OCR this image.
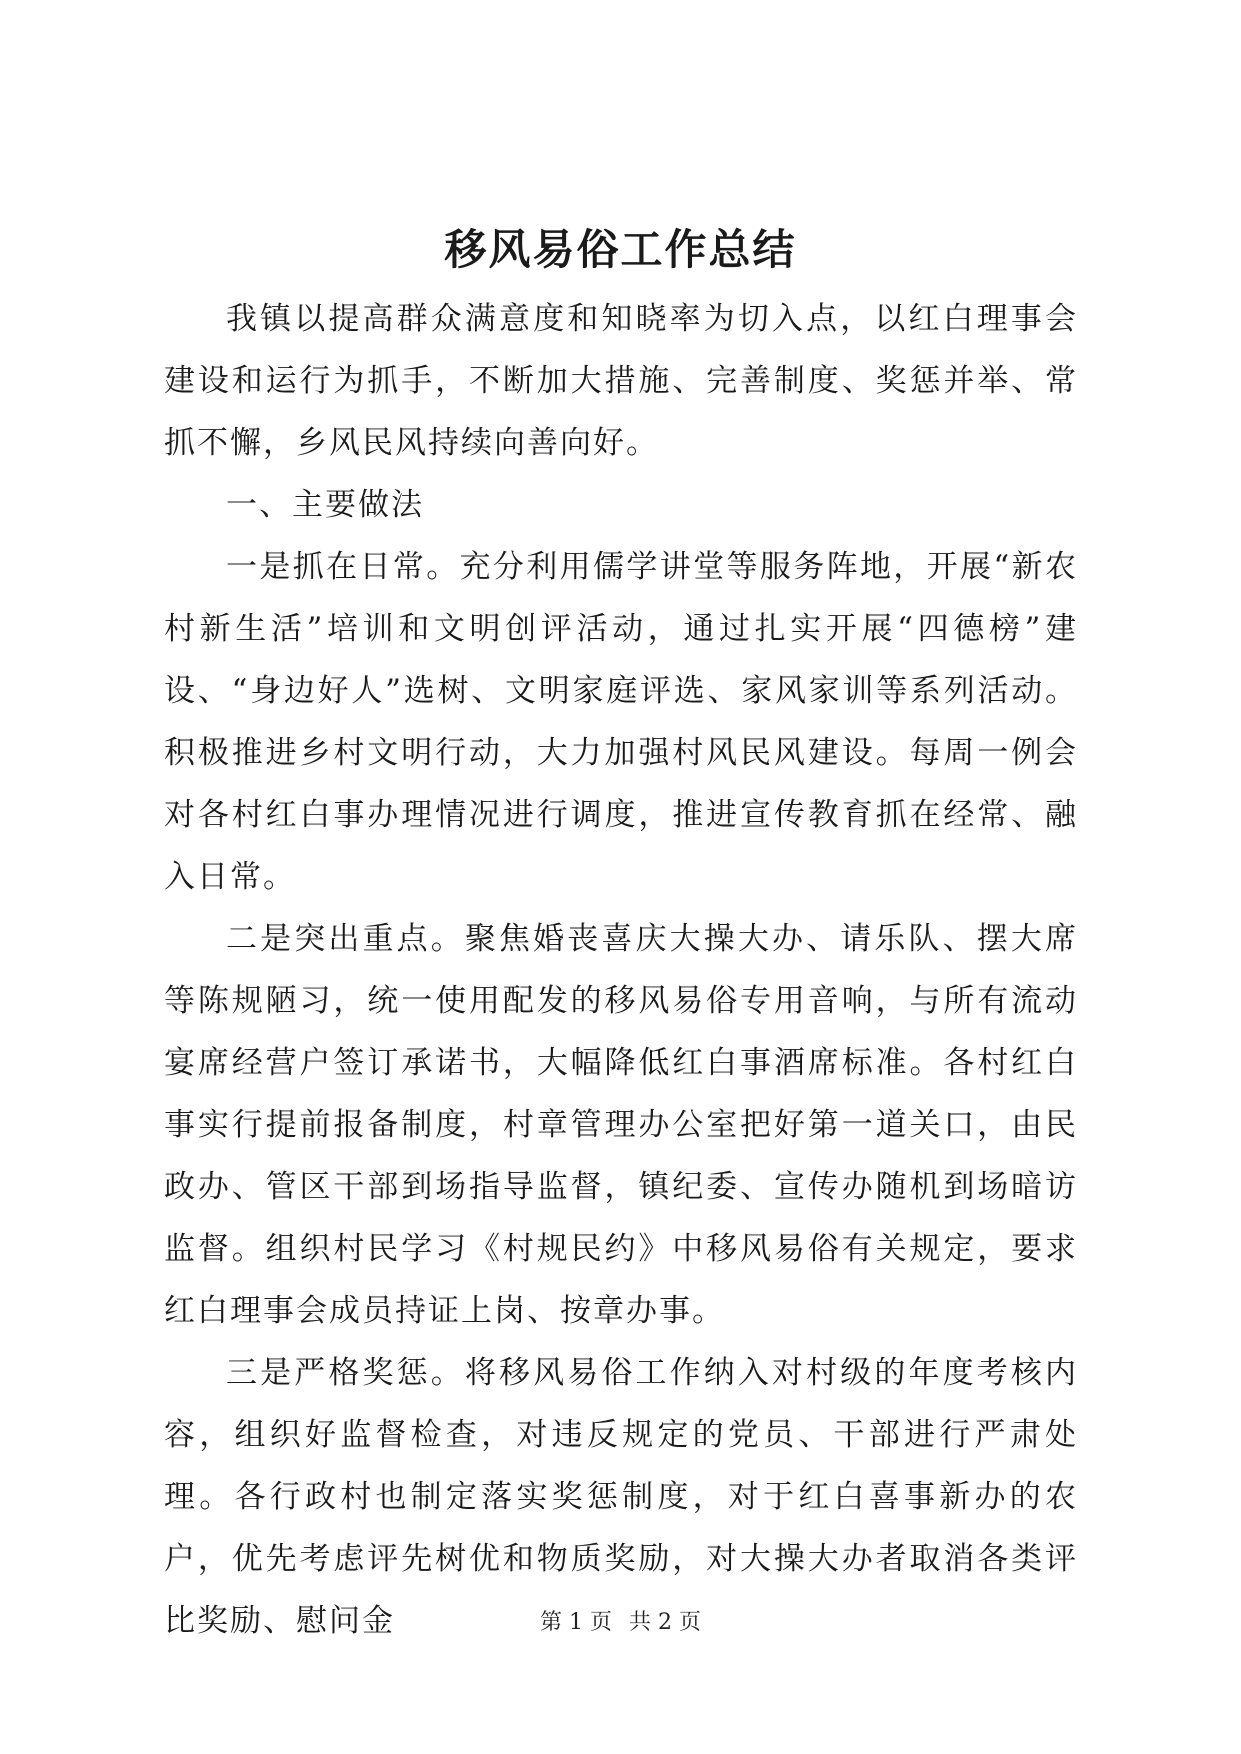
移风易俗工作总结

我镇以提高群众满意度和知晓率为切入点，以红白理事会建设和运行为抓手，不断加大措施、完善制度、奖惩并举、常抓不懈，乡风民风持续向善向好。

一、主要做法

一是抓在日常。充分利用儒学讲堂等服务阵地，开展“新农村新生活”培训和文明创评活动，通过扎实开展“四德榜”建设、“身边好人”选树、文明家庭评选、家风家训等系列活动。积极推进乡村文明行动，大力加强村风民风建设。每周一例会对各村红白事办理情况进行调度，推进宣传教育抓在经常、融入日常。

二是突出重点。聚焦婚丧喜庆大操大办、请乐队、摆大席等陈规陋习，统一使用配发的移风易俗专用音响，与所有流动宴席经营户签订承诺书，大幅降低红白事酒席标准。各村红白事实行提前报备制度，村章管理办公室把好第一道关口，由民政办、管区干部到场指导监督，镇纪委、宣传办随机到场暗访监督。组织村民学习《村规民约》中移风易俗有关规定，要求红白理事会成员持证上岗、按章办事。

三是严格奖惩。将移风易俗工作纳入对村级的年度考核内容，组织好监督检查，对违反规定的党员、干部进行严肃处理。各行政村也制定落实奖惩制度，对于红白喜事新办的农户，优先考虑评先树优和物质奖励，对大操大办者取消各类评比奖励、慰问金	第 1 页 共 2 页
